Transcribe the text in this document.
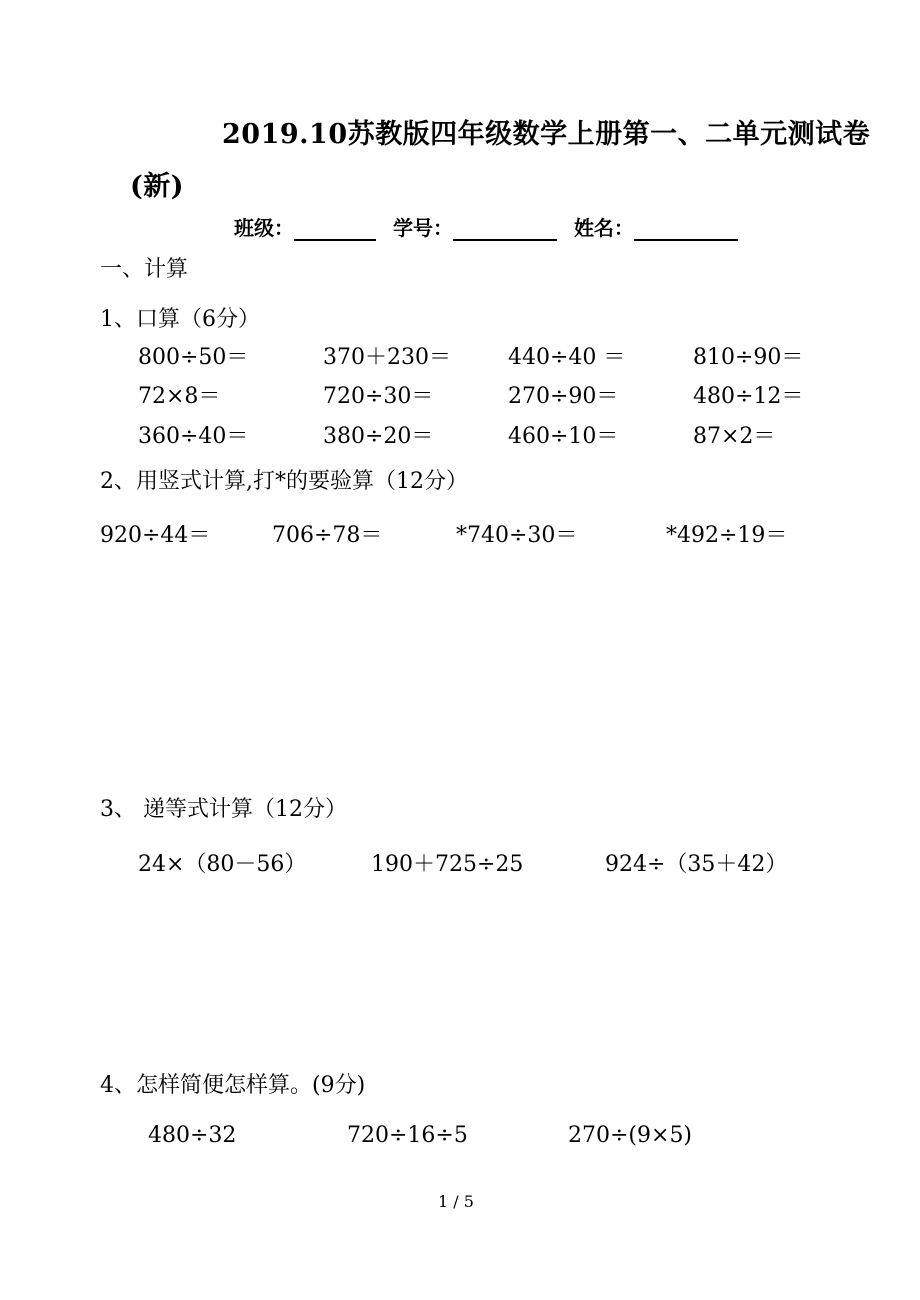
2019.10苏教版四年级数学上册第一、二单元测试卷
(新)
班级：	学号：	姓名：
一、计算
1、口算（6分）
800÷50＝	370＋230＝	440÷40 ＝	810÷90＝
72×8＝	720÷30＝	270÷90＝	480÷12＝
360÷40＝	380÷20＝	460÷10＝	87×2＝
2、用竖式计算,打*的要验算（12分）
920÷44＝	706÷78＝	*740÷30＝	*492÷19＝
3、 递等式计算（12分）
24×（80－56）	190＋725÷25	924÷（35＋42）
4、怎样简便怎样算。(9分)
480÷32	720÷16÷5	270÷(9×5)
1 / 5
